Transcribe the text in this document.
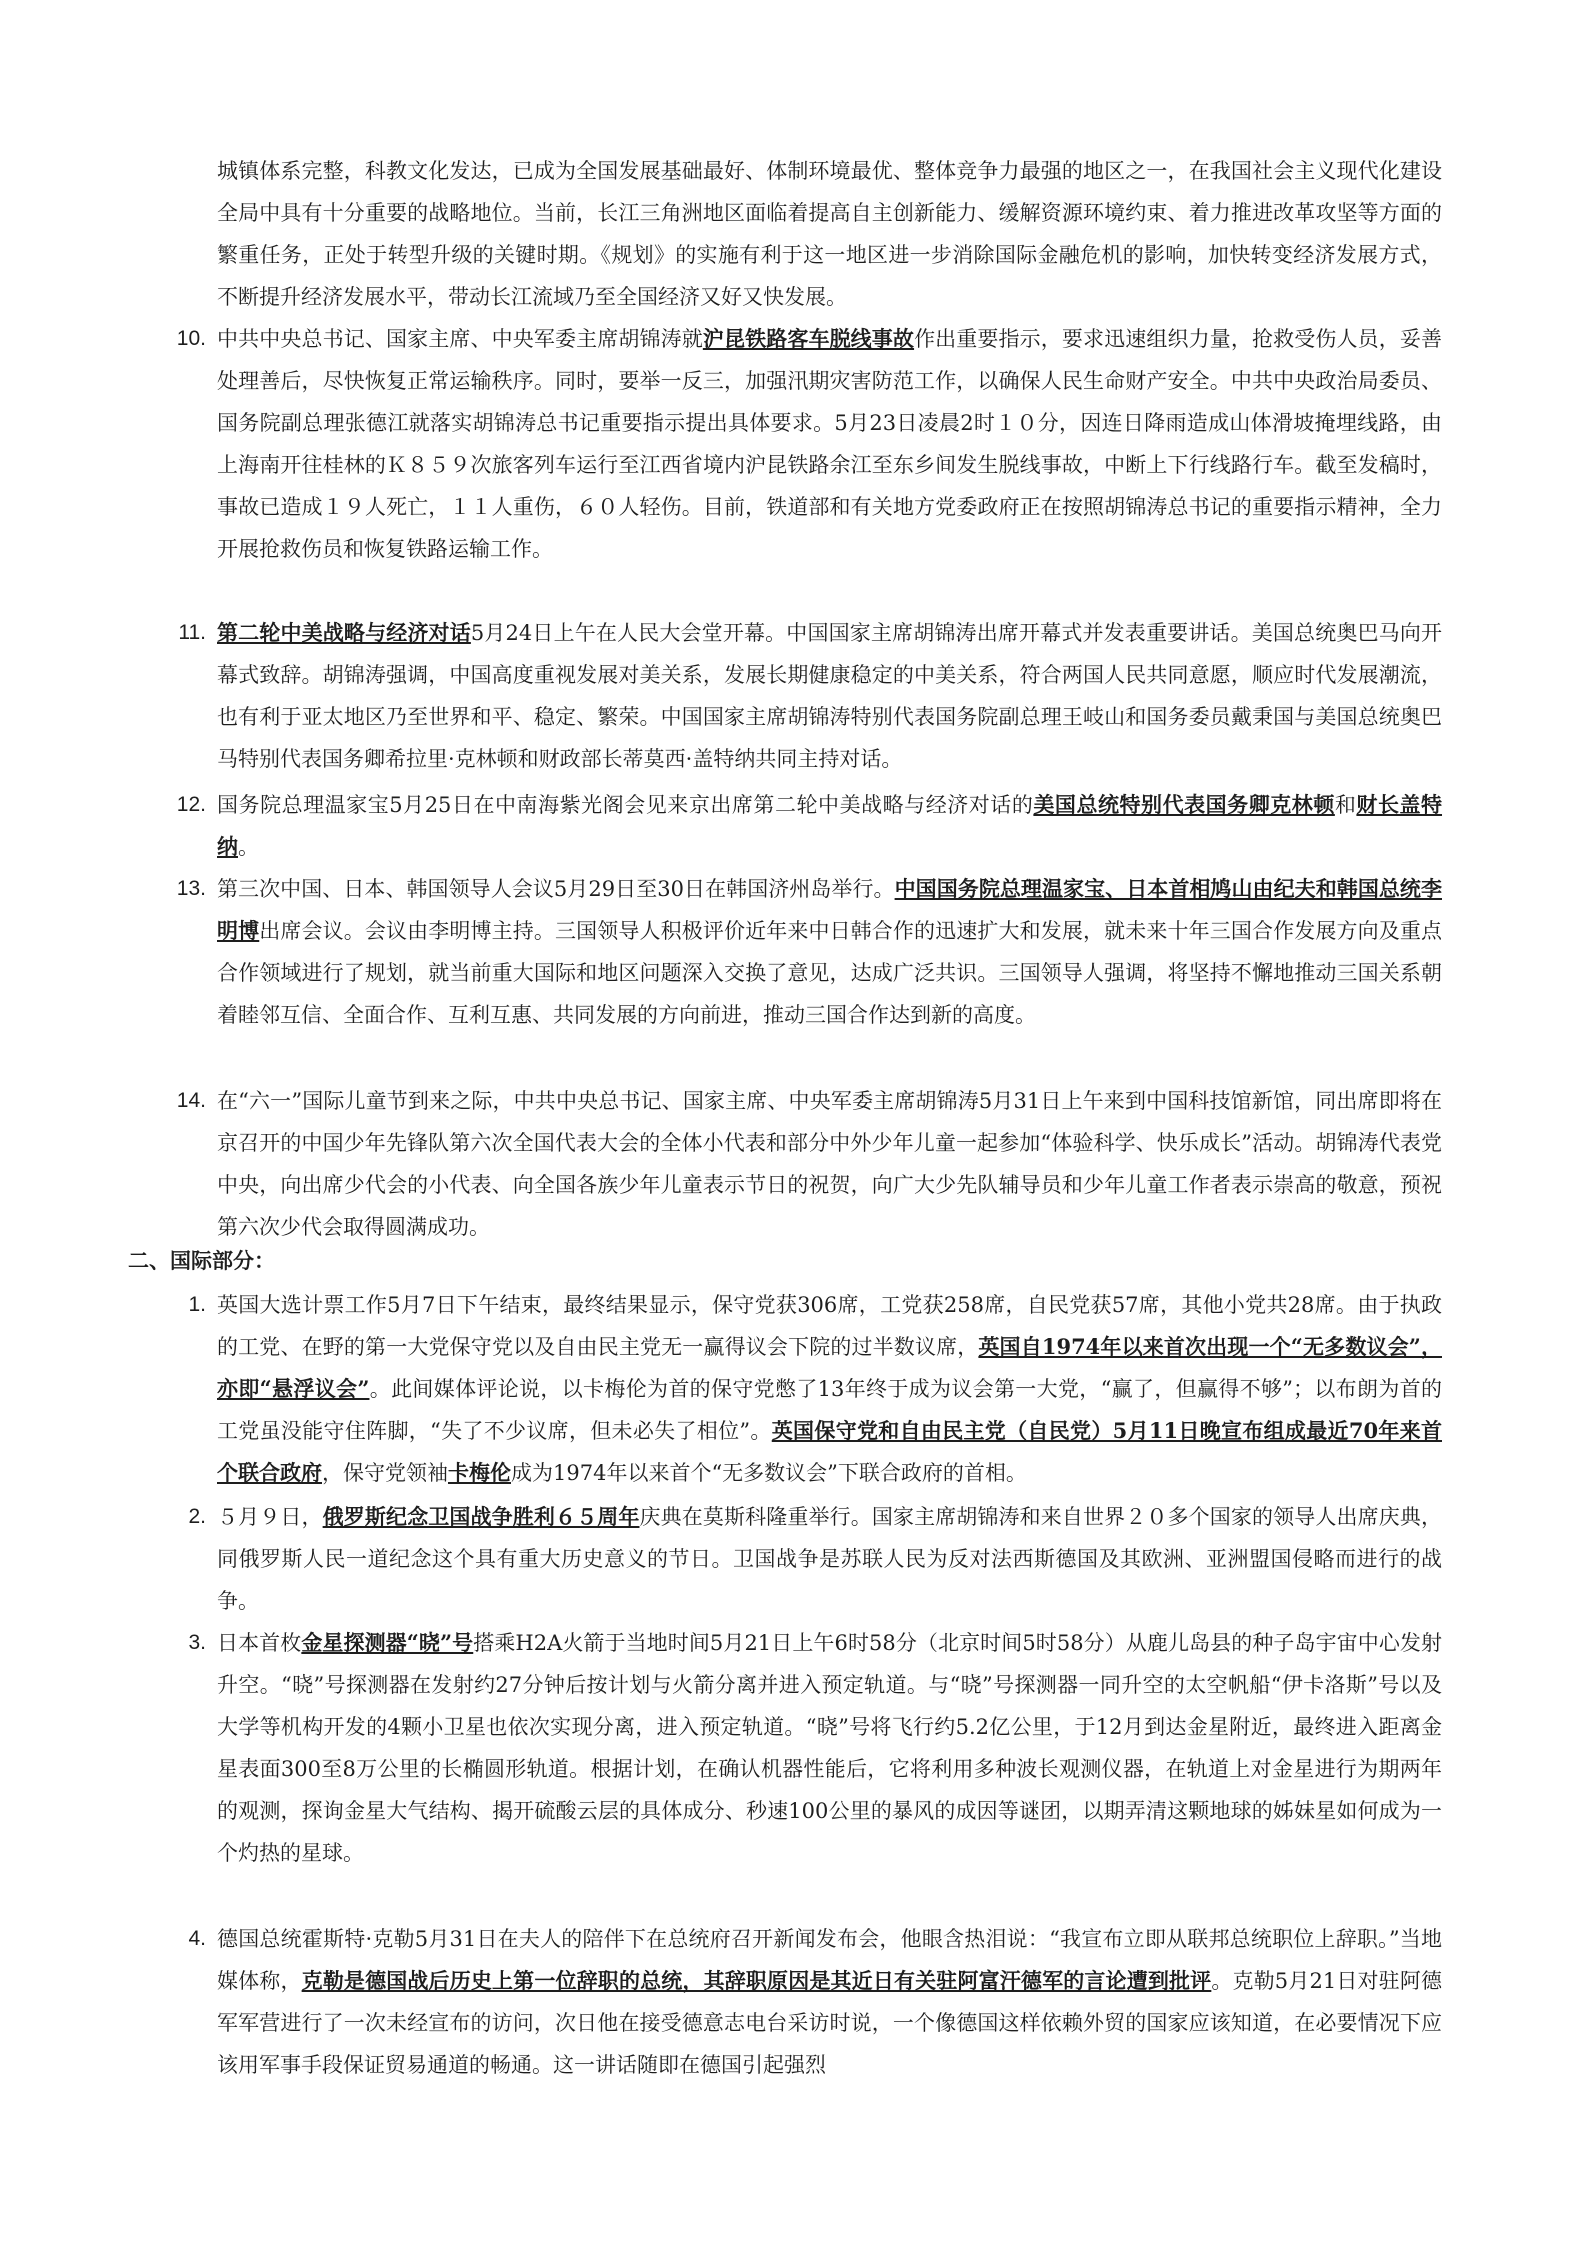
城镇体系完整，科教文化发达，已成为全国发展基础最好、体制环境最优、整体竞争力最强的地区之一，在我国社会主义现代化建设全局中具有十分重要的战略地位。当前，长江三角洲地区面临着提高自主创新能力、缓解资源环境约束、着力推进改革攻坚等方面的繁重任务，正处于转型升级的关键时期。《规划》的实施有利于这一地区进一步消除国际金融危机的影响，加快转变经济发展方式，不断提升经济发展水平，带动长江流域乃至全国经济又好又快发展。

10. 中共中央总书记、国家主席、中央军委主席胡锦涛就沪昆铁路客车脱线事故作出重要指示，要求迅速组织力量，抢救受伤人员，妥善处理善后，尽快恢复正常运输秩序。同时，要举一反三，加强汛期灾害防范工作，以确保人民生命财产安全。中共中央政治局委员、国务院副总理张德江就落实胡锦涛总书记重要指示提出具体要求。5月23日凌晨2时１０分，因连日降雨造成山体滑坡掩埋线路，由上海南开往桂林的Ｋ８５９次旅客列车运行至江西省境内沪昆铁路余江至东乡间发生脱线事故，中断上下行线路行车。截至发稿时，事故已造成１９人死亡，１１人重伤，６０人轻伤。目前，铁道部和有关地方党委政府正在按照胡锦涛总书记的重要指示精神，全力开展抢救伤员和恢复铁路运输工作。

11. 第二轮中美战略与经济对话5月24日上午在人民大会堂开幕。中国国家主席胡锦涛出席开幕式并发表重要讲话。美国总统奥巴马向开幕式致辞。胡锦涛强调，中国高度重视发展对美关系，发展长期健康稳定的中美关系，符合两国人民共同意愿，顺应时代发展潮流，也有利于亚太地区乃至世界和平、稳定、繁荣。中国国家主席胡锦涛特别代表国务院副总理王岐山和国务委员戴秉国与美国总统奥巴马特别代表国务卿希拉里·克林顿和财政部长蒂莫西·盖特纳共同主持对话。

12. 国务院总理温家宝5月25日在中南海紫光阁会见来京出席第二轮中美战略与经济对话的美国总统特别代表国务卿克林顿和财长盖特纳。

13. 第三次中国、日本、韩国领导人会议5月29日至30日在韩国济州岛举行。中国国务院总理温家宝、日本首相鸠山由纪夫和韩国总统李明博出席会议。会议由李明博主持。三国领导人积极评价近年来中日韩合作的迅速扩大和发展，就未来十年三国合作发展方向及重点合作领域进行了规划，就当前重大国际和地区问题深入交换了意见，达成广泛共识。三国领导人强调，将坚持不懈地推动三国关系朝着睦邻互信、全面合作、互利互惠、共同发展的方向前进，推动三国合作达到新的高度。

14. 在“六一”国际儿童节到来之际，中共中央总书记、国家主席、中央军委主席胡锦涛5月31日上午来到中国科技馆新馆，同出席即将在京召开的中国少年先锋队第六次全国代表大会的全体小代表和部分中外少年儿童一起参加“体验科学、快乐成长”活动。胡锦涛代表党中央，向出席少代会的小代表、向全国各族少年儿童表示节日的祝贺，向广大少先队辅导员和少年儿童工作者表示崇高的敬意，预祝第六次少代会取得圆满成功。

二、国际部分：
1. 英国大选计票工作5月7日下午结束，最终结果显示，保守党获306席，工党获258席，自民党获57席，其他小党共28席。由于执政的工党、在野的第一大党保守党以及自由民主党无一赢得议会下院的过半数议席，英国自1974年以来首次出现一个“无多数议会”，亦即“悬浮议会”。此间媒体评论说，以卡梅伦为首的保守党憋了13年终于成为议会第一大党，“赢了，但赢得不够”；以布朗为首的工党虽没能守住阵脚，“失了不少议席，但未必失了相位”。英国保守党和自由民主党（自民党）5月11日晚宣布组成最近70年来首个联合政府，保守党领袖卡梅伦成为1974年以来首个“无多数议会”下联合政府的首相。

2. ５月９日，俄罗斯纪念卫国战争胜利６５周年庆典在莫斯科隆重举行。国家主席胡锦涛和来自世界２０多个国家的领导人出席庆典，同俄罗斯人民一道纪念这个具有重大历史意义的节日。卫国战争是苏联人民为反对法西斯德国及其欧洲、亚洲盟国侵略而进行的战争。

3. 日本首枚金星探测器“晓”号搭乘H2A火箭于当地时间5月21日上午6时58分（北京时间5时58分）从鹿儿岛县的种子岛宇宙中心发射升空。“晓”号探测器在发射约27分钟后按计划与火箭分离并进入预定轨道。与“晓”号探测器一同升空的太空帆船“伊卡洛斯”号以及大学等机构开发的4颗小卫星也依次实现分离，进入预定轨道。“晓”号将飞行约5.2亿公里，于12月到达金星附近，最终进入距离金星表面300至8万公里的长椭圆形轨道。根据计划，在确认机器性能后，它将利用多种波长观测仪器，在轨道上对金星进行为期两年的观测，探询金星大气结构、揭开硫酸云层的具体成分、秒速100公里的暴风的成因等谜团，以期弄清这颗地球的姊妹星如何成为一个灼热的星球。

4. 德国总统霍斯特·克勒5月31日在夫人的陪伴下在总统府召开新闻发布会，他眼含热泪说：“我宣布立即从联邦总统职位上辞职。”当地媒体称，克勒是德国战后历史上第一位辞职的总统，其辞职原因是其近日有关驻阿富汗德军的言论遭到批评。克勒5月21日对驻阿德军军营进行了一次未经宣布的访问，次日他在接受德意志电台采访时说，一个像德国这样依赖外贸的国家应该知道，在必要情况下应该用军事手段保证贸易通道的畅通。这一讲话随即在德国引起强烈
